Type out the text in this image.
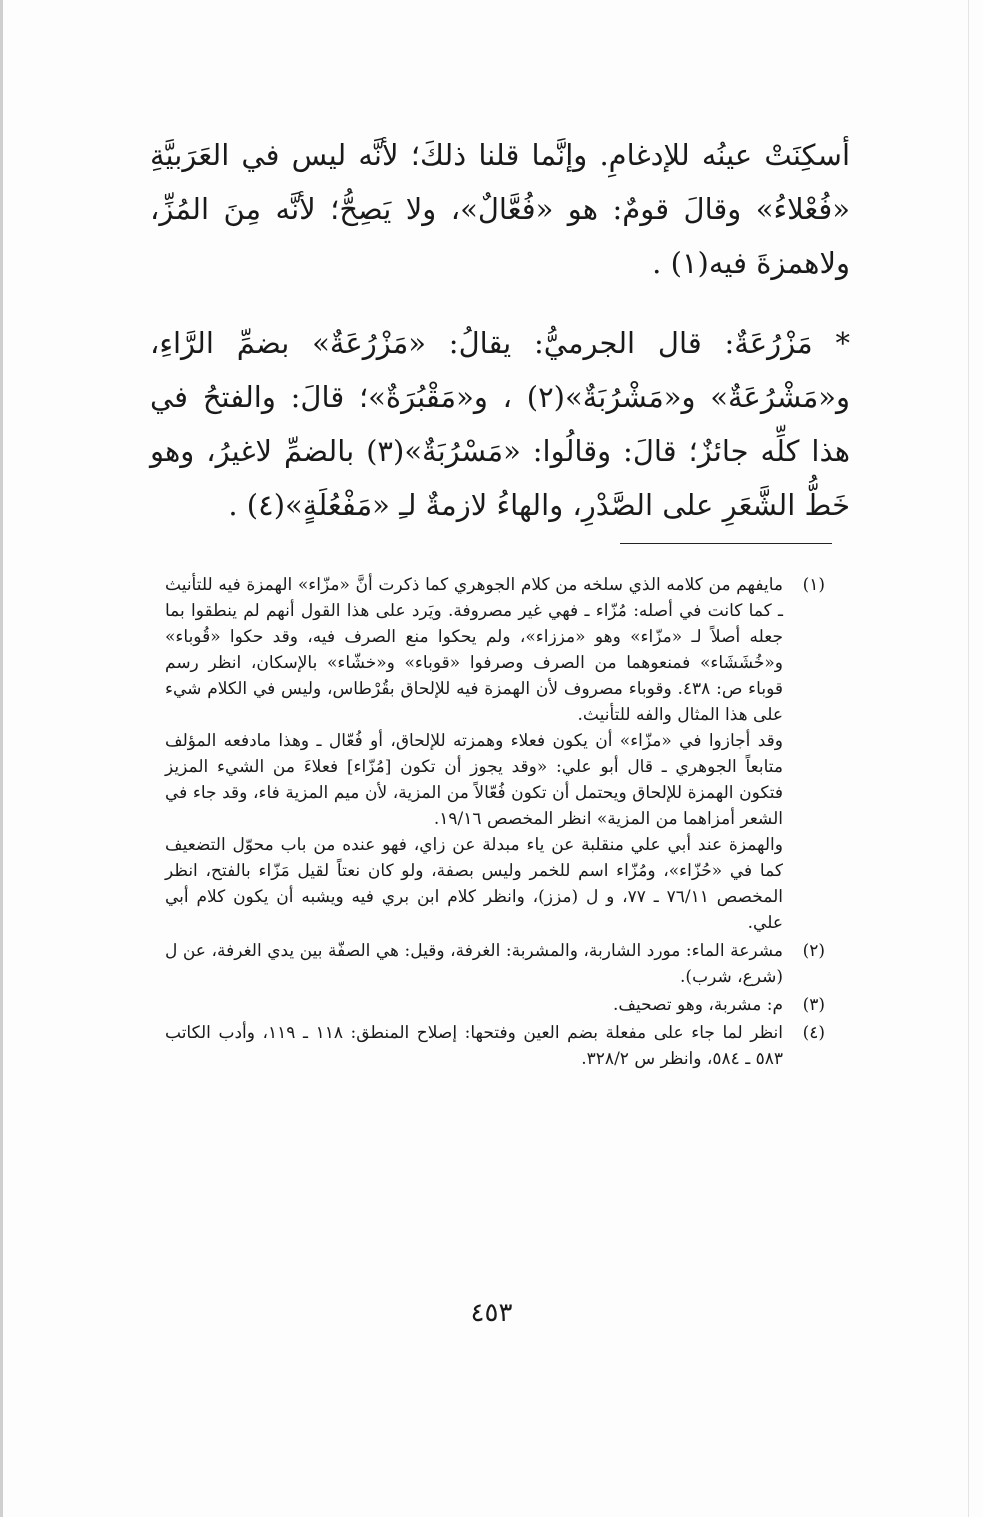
أسكِنَتْ عينُه للإدغامِ. وإنَّما قلنا ذلكَ؛ لأنَّه ليس في العَرَبيَّةِ «فُعْلاءُ» وقالَ قومٌ: هو «فُعَّالٌ»، ولا يَصِحُّ؛ لأنَّه مِنَ المُزِّ، ولاهمزةَ فيه(١) .

* مَزْرُعَةٌ: قال الجرميُّ: يقالُ: «مَزْرُعَةٌ» بضمِّ الرَّاءِ، و«مَشْرُعَةٌ» و«مَشْرُبَةٌ»(٢) ، و«مَقْبُرَةٌ»؛ قالَ: والفتحُ في هذا كلِّه جائزٌ؛ قالَ: وقالُوا: «مَسْرُبَةٌ»(٣) بالضمِّ لاغيرُ، وهو خَطُّ الشَّعَرِ على الصَّدْرِ، والهاءُ لازمةٌ لـِ «مَفْعُلَةٍ»(٤) .

(١)

مايفهم من كلامه الذي سلخه من كلام الجوهري كما ذكرت أنَّ «مزّاء» الهمزة فيه للتأنيث ـ كما كانت في أصله: مُزّاء ـ فهي غير مصروفة. ويَرد على هذا القول أنهم لم ينطقوا بما جعله أصلاً لـ «مزّاء» وهو «مززاء»، ولم يحكوا منع الصرف فيه، وقد حكوا «قُوباء» و«خُشَشَاء» فمنعوهما من الصرف وصرفوا «قوباء» و«خشّاء» بالإسكان، انظر رسم قوباء ص: ٤٣٨. وقوباء مصروف لأن الهمزة فيه للإلحاق بقُرْطاس، وليس في الكلام شيء على هذا المثال والفه للتأنيث.

وقد أجازوا في «مزّاء» أن يكون فعلاء وهمزته للإلحاق، أو فُعّال ـ وهذا مادفعه المؤلف متابعاً الجوهري ـ قال أبو علي: «وقد يجوز أن تكون [مُزّاء] فعلاءَ من الشيء المزيز فتكون الهمزة للإلحاق ويحتمل أن تكون فُعّالاً من المزية، لأن ميم المزية فاء، وقد جاء في الشعر أمزاهما من المزية» انظر المخصص ١٩/١٦.

والهمزة عند أبي علي منقلبة عن ياء مبدلة عن زاي، فهو عنده من باب محوّل التضعيف كما في «حُزّاء»، ومُزّاء اسم للخمر وليس بصفة، ولو كان نعتاً لقيل مَزّاء بالفتح، انظر المخصص ٧٦/١١ ـ ٧٧، و ل (مزز)، وانظر كلام ابن بري فيه ويشبه أن يكون كلام أبي علي.

(٢)

مشرعة الماء: مورد الشاربة، والمشربة: الغرفة، وقيل: هي الصفّة بين يدي الغرفة، عن ل (شرع، شرب).

(٣)

م: مشربة، وهو تصحيف.

(٤)

انظر لما جاء على مفعلة بضم العين وفتحها: إصلاح المنطق: ١١٨ ـ ١١٩، وأدب الكاتب ٥٨٣ ـ ٥٨٤، وانظر س ٣٢٨/٢.

٤٥٣
